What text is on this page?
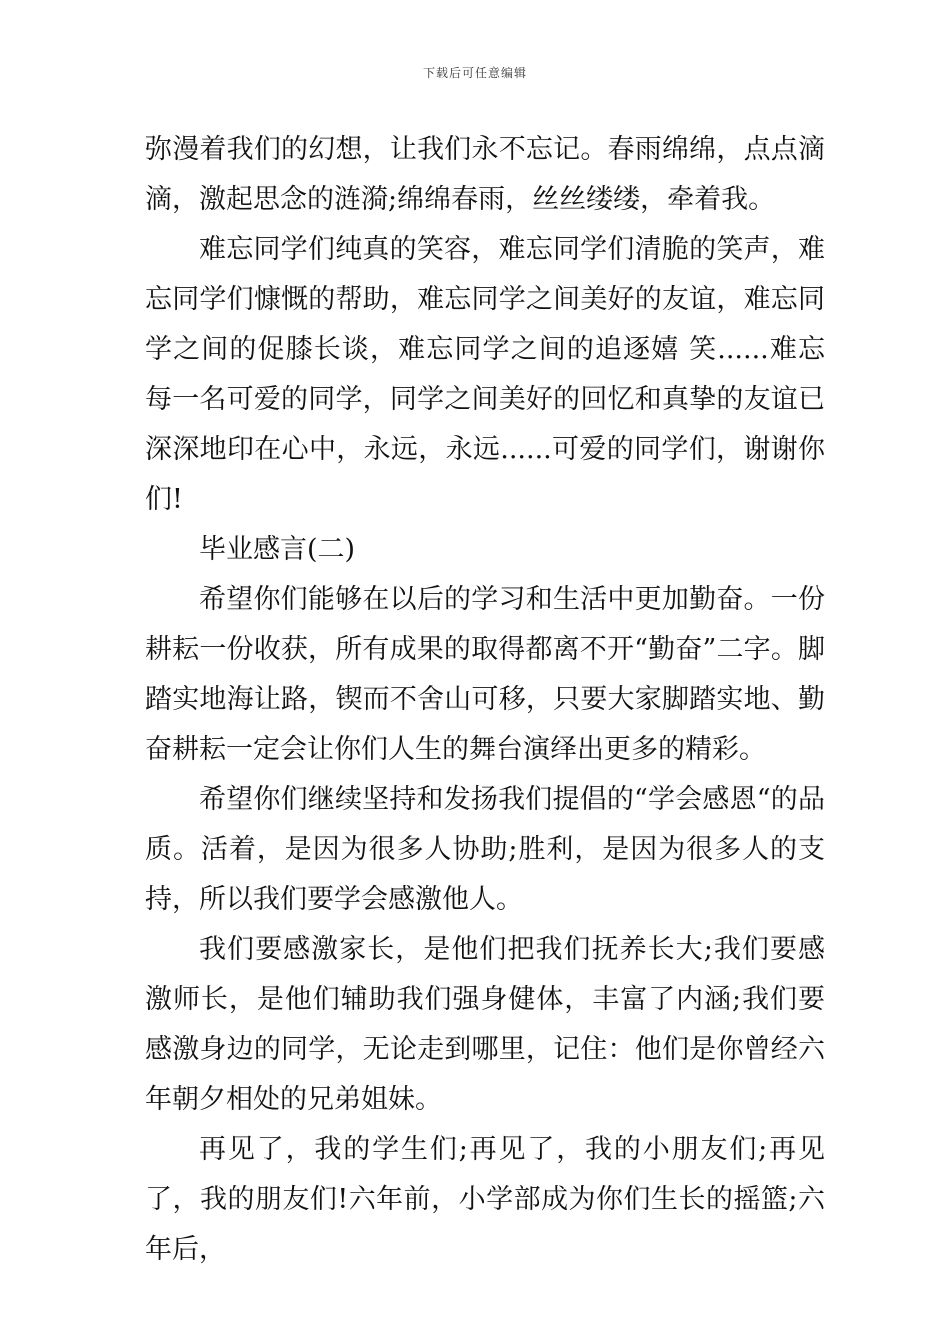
下载后可任意编辑

弥漫着我们的幻想，让我们永不忘记。春雨绵绵，点点滴滴，激起思念的涟漪;绵绵春雨，丝丝缕缕，牵着我。

难忘同学们纯真的笑容，难忘同学们清脆的笑声，难忘同学们慷慨的帮助，难忘同学之间美好的友谊，难忘同学之间的促膝长谈，难忘同学之间的追逐嬉 笑......难忘每一名可爱的同学，同学之间美好的回忆和真挚的友谊已深深地印在心中，永远，永远......可爱的同学们，谢谢你们!

毕业感言(二)

希望你们能够在以后的学习和生活中更加勤奋。一份耕耘一份收获，所有成果的取得都离不开“勤奋”二字。脚踏实地海让路，锲而不舍山可移，只要大家脚踏实地、勤奋耕耘一定会让你们人生的舞台演绎出更多的精彩。

希望你们继续坚持和发扬我们提倡的“学会感恩“的品质。活着，是因为很多人协助;胜利，是因为很多人的支持，所以我们要学会感激他人。

我们要感激家长，是他们把我们抚养长大;我们要感激师长，是他们辅助我们强身健体，丰富了内涵;我们要感激身边的同学，无论走到哪里，记住：他们是你曾经六年朝夕相处的兄弟姐妹。

再见了，我的学生们;再见了，我的小朋友们;再见了，我的朋友们!六年前，小学部成为你们生长的摇篮;六年后，
